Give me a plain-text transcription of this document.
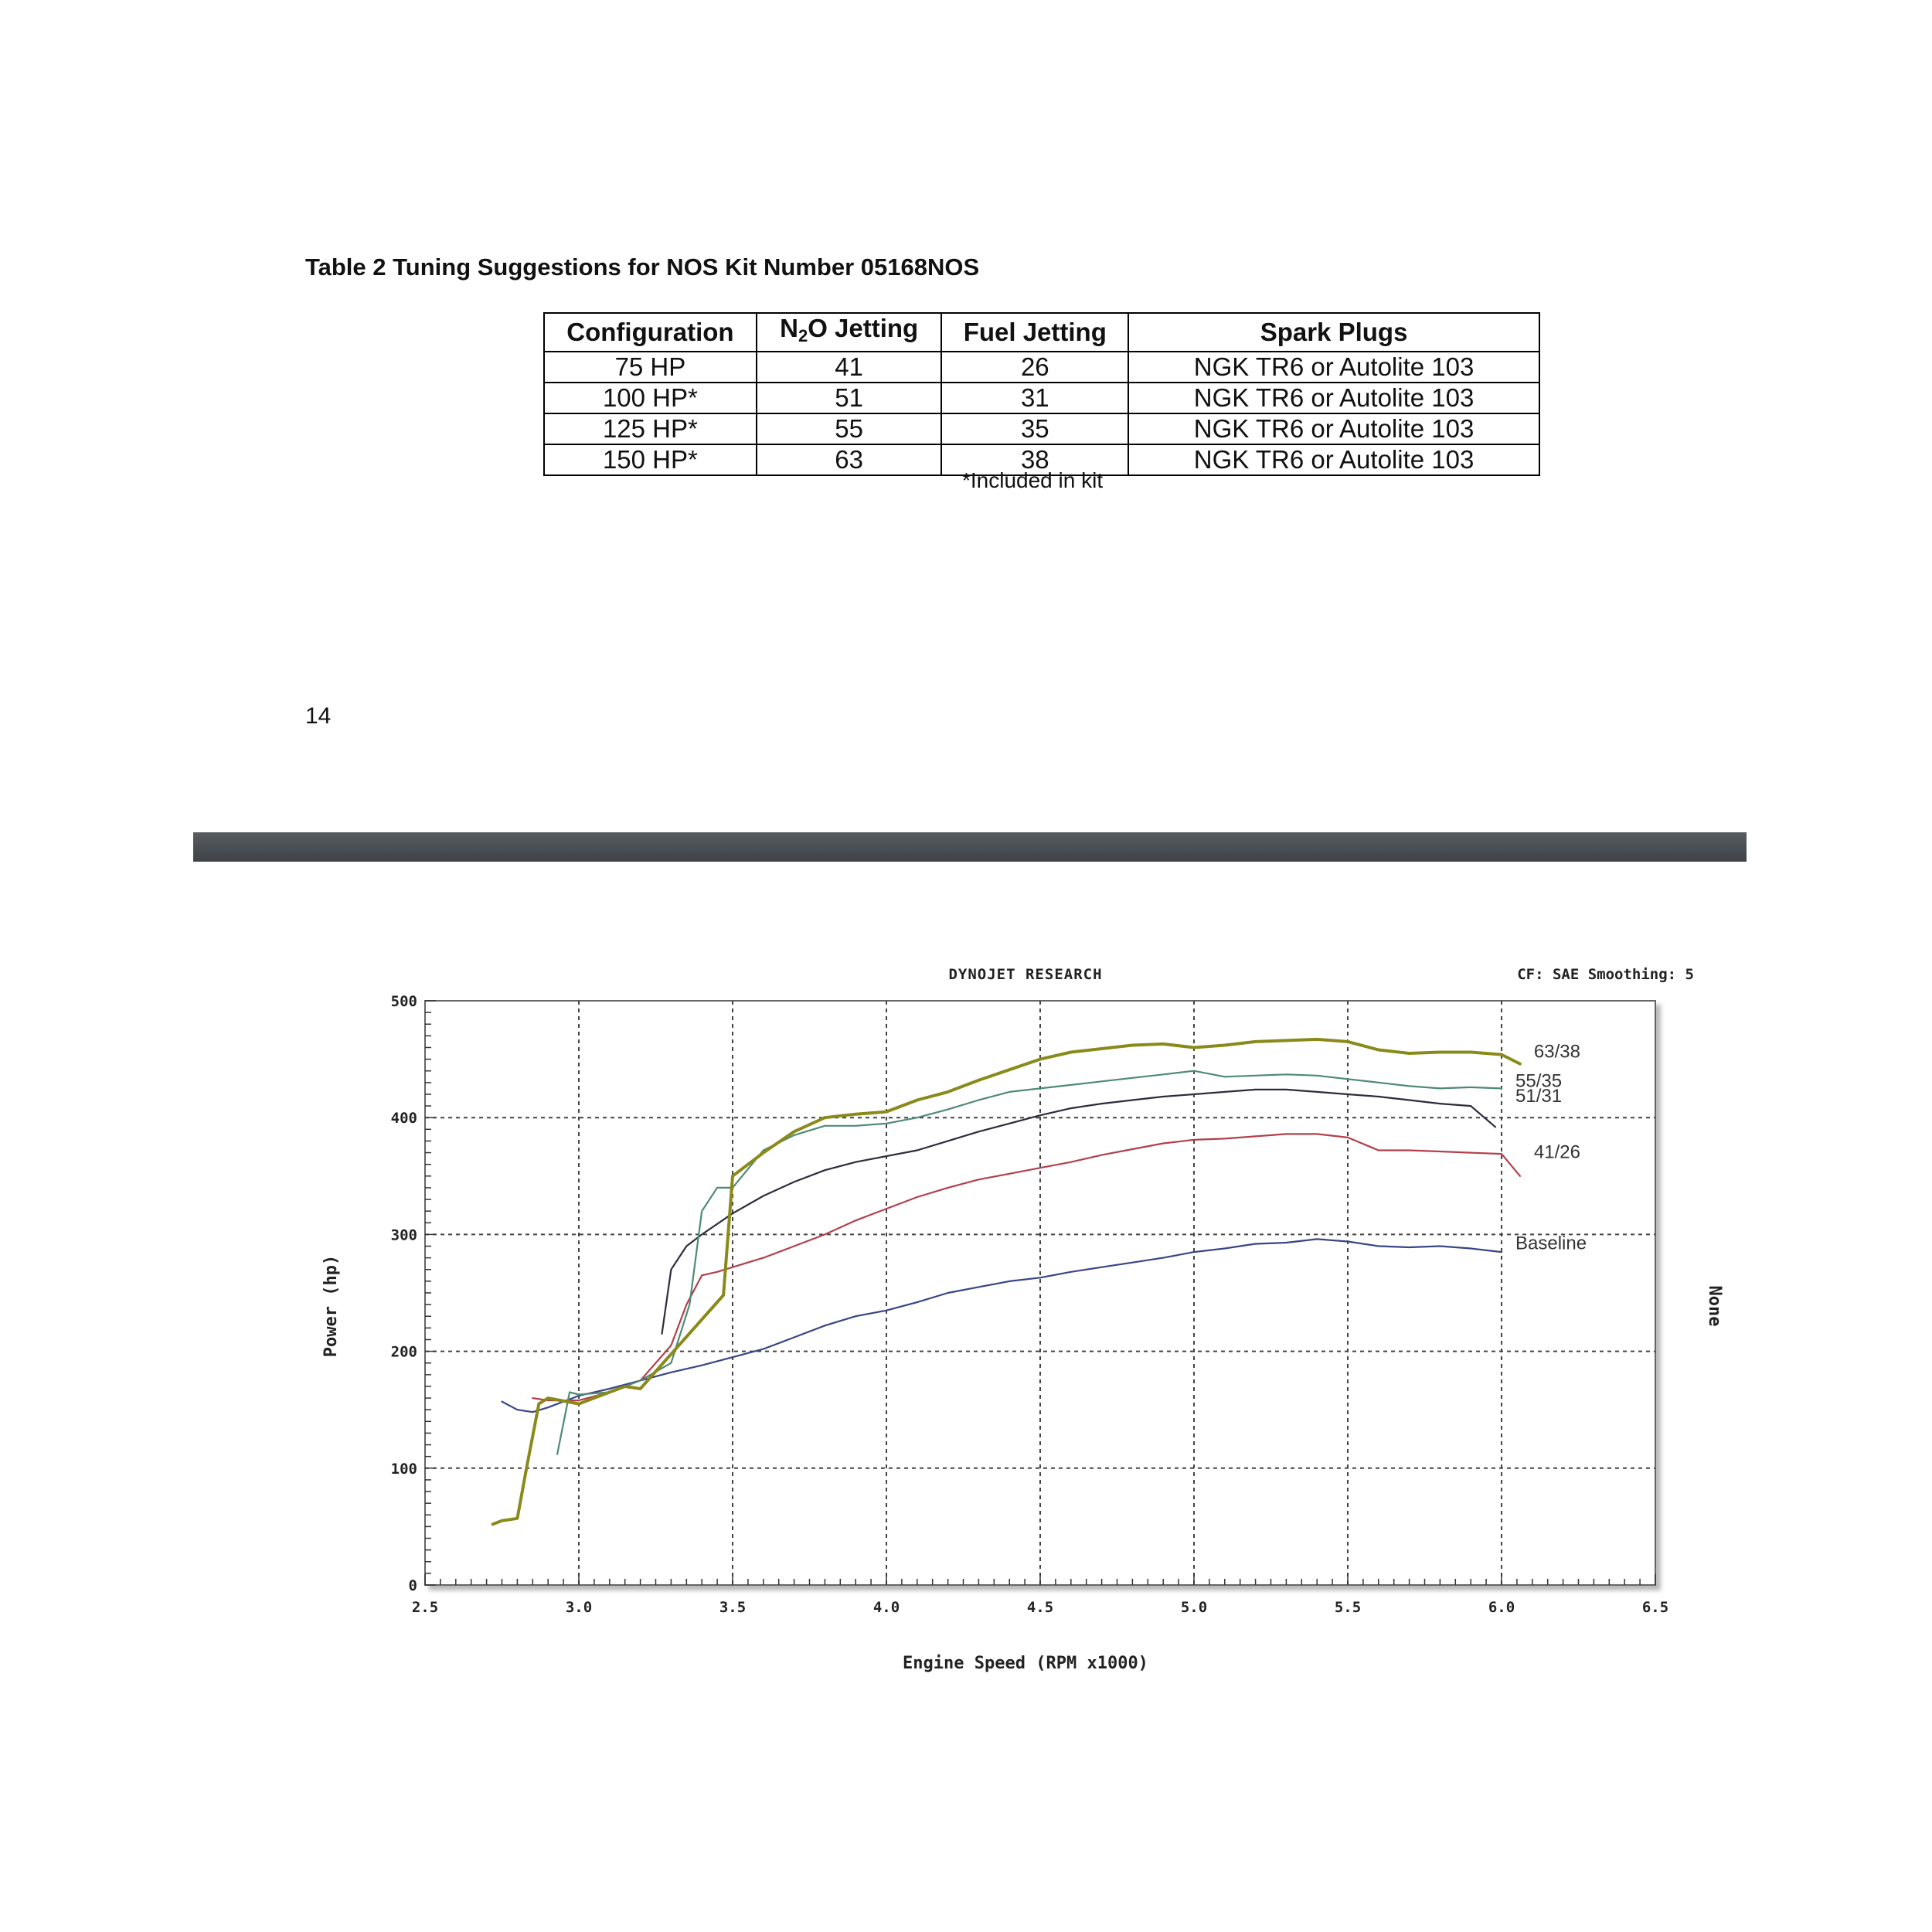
Table 2 Tuning Suggestions for NOS Kit Number 05168NOS
Configuration	N2O Jetting	Fuel Jetting	Spark Plugs
75 HP	41	26	NGK TR6 or Autolite 103
100 HP*	51	31	NGK TR6 or Autolite 103
125 HP*	55	35	NGK TR6 or Autolite 103
150 HP*	63	38	NGK TR6 or Autolite 103
*Included in kit
14
2.5	3.0	3.5	4.0	4.5	5.0	5.5	6.0	6.5
0
100
200
300
400
500
Baseline
41/26
51/31
55/35
63/38
DYNOJET RESEARCH	CF: SAE Smoothing: 5
Engine Speed (RPM x1000)
Power (hp)	None
